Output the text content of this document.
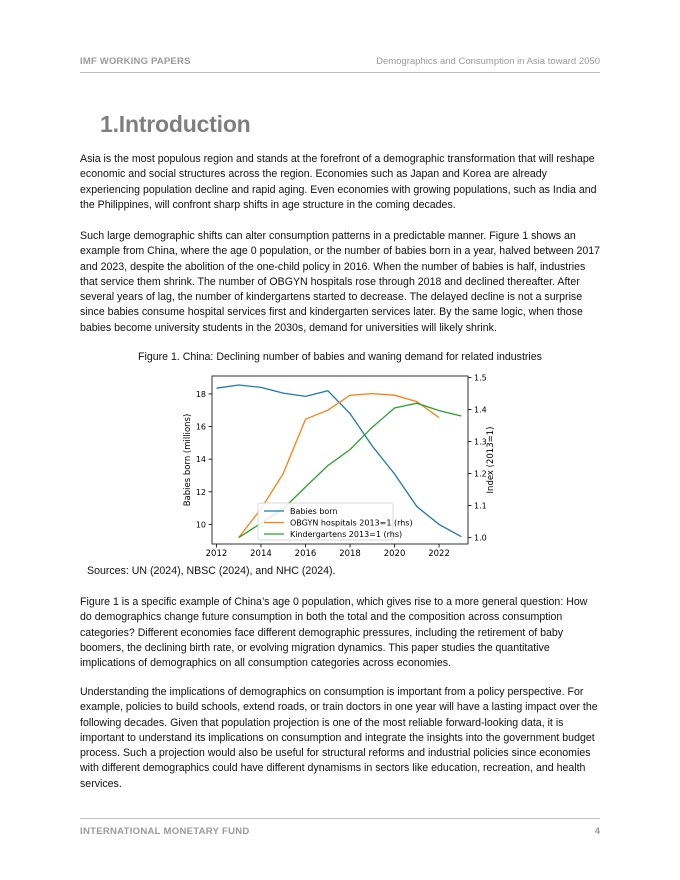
IMF WORKING PAPERS	Demographics and Consumption in Asia toward 2050
1.Introduction

Asia is the most populous region and stands at the forefront of a demographic transformation that will reshape economic and social structures across the region. Economies such as Japan and Korea are already experiencing population decline and rapid aging. Even economies with growing populations, such as India and the Philippines, will confront sharp shifts in age structure in the coming decades.

Such large demographic shifts can alter consumption patterns in a predictable manner. Figure 1 shows an example from China, where the age 0 population, or the number of babies born in a year, halved between 2017 and 2023, despite the abolition of the one-child policy in 2016. When the number of babies is half, industries that service them shrink. The number of OBGYN hospitals rose through 2018 and declined thereafter. After several years of lag, the number of kindergartens started to decrease. The delayed decline is not a surprise since babies consume hospital services first and kindergarten services later. By the same logic, when those babies become university students in the 2030s, demand for universities will likely shrink.

Figure 1. China: Declining number of babies and waning demand for related industries
2012	2014	2016	2018	2020	2022
10
12
14
16
18
1.0
1.1
1.2
1.3
1.4
1.5
Babies born (millions)	Index (2013=1)
Babies born
OBGYN hospitals 2013=1 (rhs)
Kindergartens 2013=1 (rhs)
Sources: UN (2024), NBSC (2024), and NHC (2024).

Figure 1 is a specific example of China’s age 0 population, which gives rise to a more general question: How do demographics change future consumption in both the total and the composition across consumption categories? Different economies face different demographic pressures, including the retirement of baby boomers, the declining birth rate, or evolving migration dynamics. This paper studies the quantitative implications of demographics on all consumption categories across economies.

Understanding the implications of demographics on consumption is important from a policy perspective. For example, policies to build schools, extend roads, or train doctors in one year will have a lasting impact over the following decades. Given that population projection is one of the most reliable forward-looking data, it is important to understand its implications on consumption and integrate the insights into the government budget process. Such a projection would also be useful for structural reforms and industrial policies since economies with different demographics could have different dynamisms in sectors like education, recreation, and health services.

INTERNATIONAL MONETARY FUND	4
